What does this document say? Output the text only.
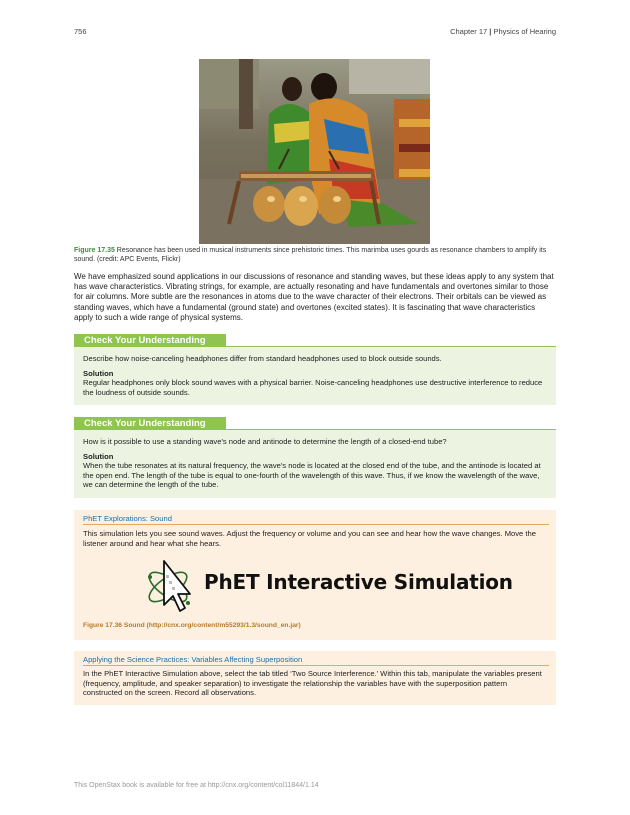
756	Chapter 17 | Physics of Hearing
Figure 17.35 Resonance has been used in musical instruments since prehistoric times. This marimba uses gourds as resonance chambers to amplify its sound. (credit: APC Events, Flickr)
We have emphasized sound applications in our discussions of resonance and standing waves, but these ideas apply to any system that has wave characteristics. Vibrating strings, for example, are actually resonating and have fundamentals and overtones similar to those for air columns. More subtle are the resonances in atoms due to the wave character of their electrons. Their orbitals can be viewed as standing waves, which have a fundamental (ground state) and overtones (excited states). It is fascinating that wave characteristics apply to such a wide range of physical systems.
Check Your Understanding
Describe how noise-canceling headphones differ from standard headphones used to block outside sounds.
Solution
Regular headphones only block sound waves with a physical barrier. Noise-canceling headphones use destructive interference to reduce the loudness of outside sounds.
Check Your Understanding
How is it possible to use a standing wave's node and antinode to determine the length of a closed-end tube?
Solution
When the tube resonates at its natural frequency, the wave's node is located at the closed end of the tube, and the antinode is located at the open end. The length of the tube is equal to one-fourth of the wavelength of this wave. Thus, if we know the wavelength of the wave, we can determine the length of the tube.
PhET Explorations: Sound
This simulation lets you see sound waves. Adjust the frequency or volume and you can see and hear how the wave changes. Move the listener around and hear what she hears.
PhET Interactive Simulation
Figure 17.36 Sound (http://cnx.org/content/m55293/1.3/sound_en.jar)
Applying the Science Practices: Variables Affecting Superposition
In the PhET Interactive Simulation above, select the tab titled ‘Two Source Interference.’ Within this tab, manipulate the variables present (frequency, amplitude, and speaker separation) to investigate the relationship the variables have with the superposition pattern constructed on the screen. Record all observations.
This OpenStax book is available for free at http://cnx.org/content/col11844/1.14
